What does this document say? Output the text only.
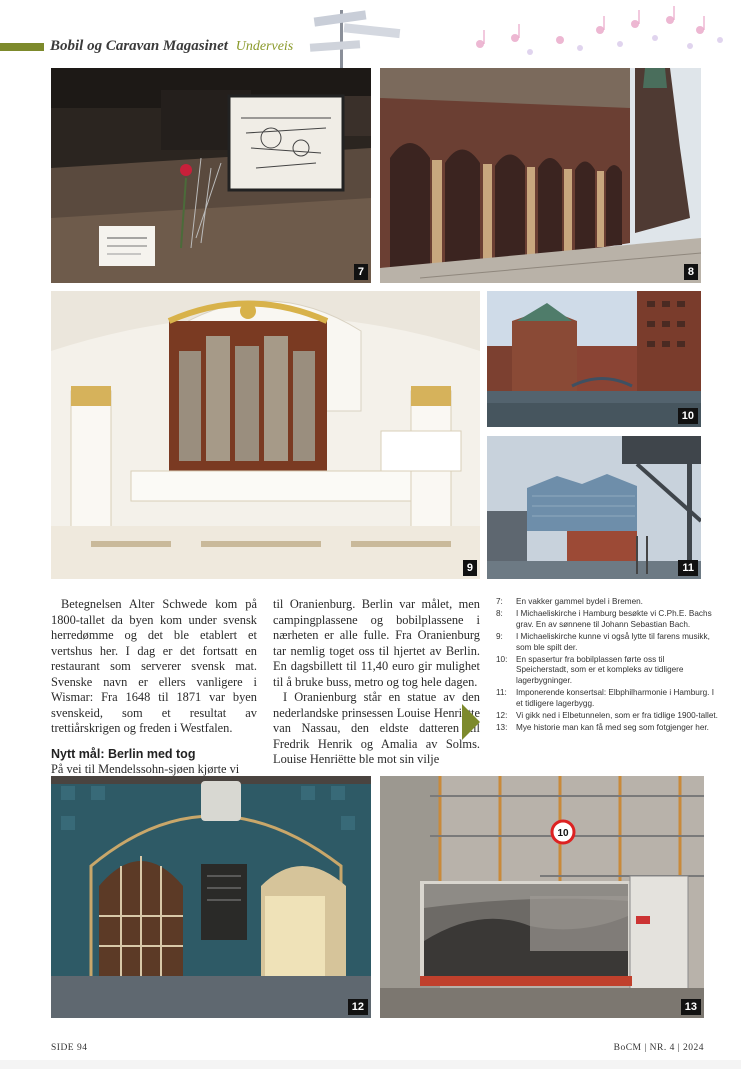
Bobil og Caravan Magasinet Underveis
7	8
9
10
11

Betegnelsen Alter Schwede kom på 1800-tallet da byen kom under svensk herredømme og det ble etablert et vertshus her. I dag er det fortsatt en restaurant som serverer svensk mat. Svenske navn er ellers vanligere i Wismar: Fra 1648 til 1871 var byen svenskeid, som et resultat av trettiårskrigen og freden i Westfalen.

Nytt mål: Berlin med tog

På vei til Mendelssohn-sjøen kjørte vi

til Oranienburg. Berlin var målet, men campingplassene og bobilplassene i nærheten er alle fulle. Fra Oranienburg tar nemlig toget oss til hjertet av Berlin. En dagsbillett til 11,40 euro gir mulighet til å bruke buss, metro og tog hele dagen.

I Oranienburg står en statue av den nederlandske prinsessen Louise Henriëtte van Nassau, den eldste datteren til Fredrik Henrik og Amalia av Solms. Louise Henriëtte ble mot sin vilje

7:	En vakker gammel bydel i Bremen.
8:	I Michaeliskirche i Hamburg besøkte vi C.Ph.E. Bachs grav. En av sønnene til Johann Sebastian Bach.
9:	I Michaeliskirche kunne vi også lytte til farens musikk, som ble spilt der.
10:	En spasertur fra bobilplassen førte oss til Speicherstadt, som er et kompleks av tidligere lagerbygninger.
11:	Imponerende konsertsal: Elbphilharmonie i Hamburg. I et tidligere lagerbygg.
12:	Vi gikk ned i Elbetunnelen, som er fra tidlige 1900-tallet.
13:	Mye historie man kan få med seg som fotgjenger her.
12
10
13
SIDE 94	BoCM | NR. 4 | 2024
